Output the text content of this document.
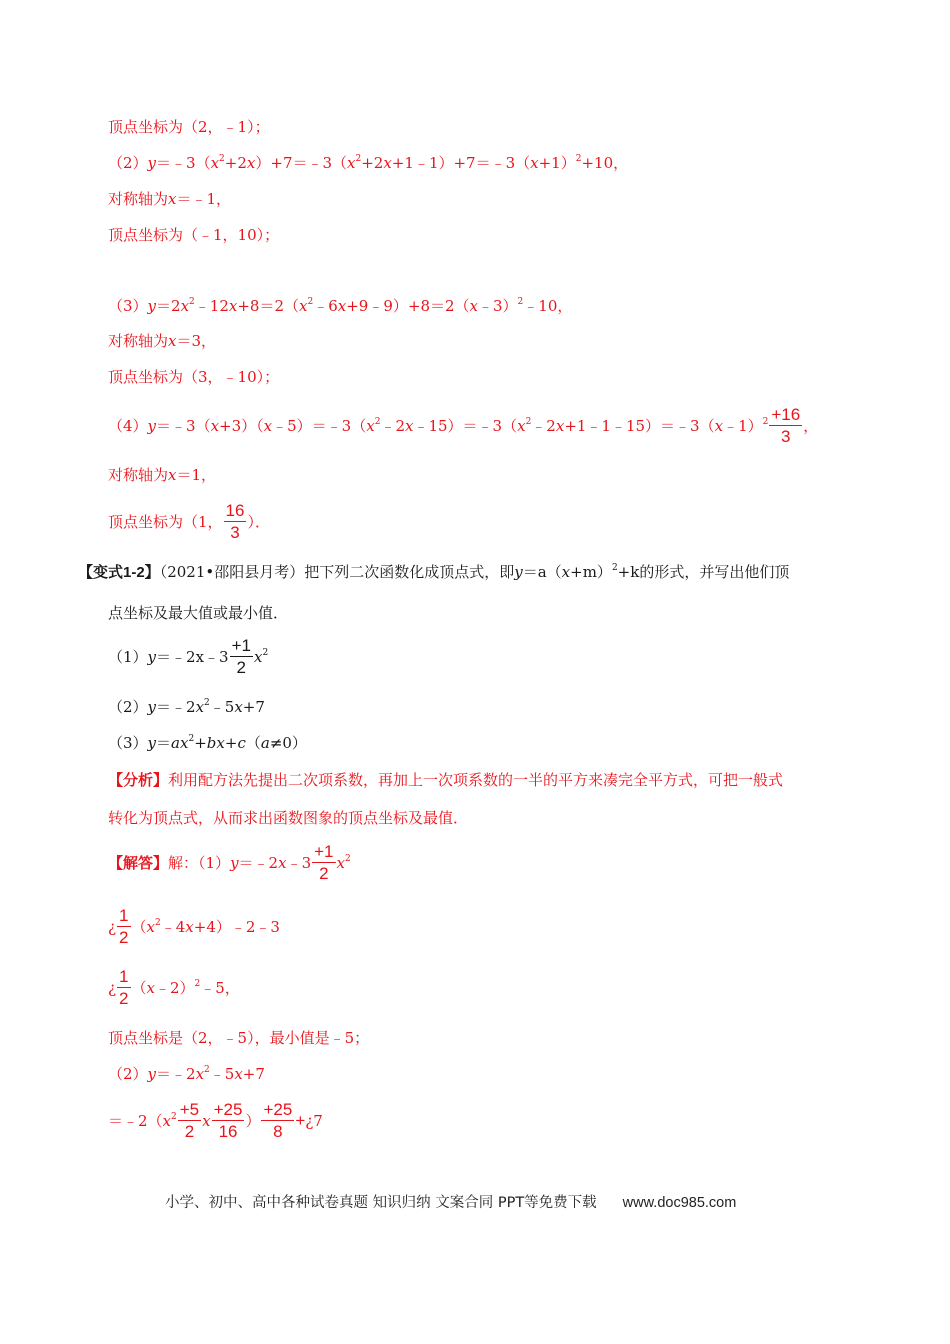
顶点坐标为（2，﹣1）；
$(2)y=﹣3(x^2+2x)+7=﹣3(x^2+2x+1﹣1)+7=﹣3(x+1)^2+10$，
对称轴为x＝﹣1，
顶点坐标为（﹣1，10）；
$(3)y=2x^2﹣12x+8=2(x^2﹣6x+9﹣9)+8=2(x﹣3)^2﹣10$，
对称轴为x＝3，
顶点坐标为（3，﹣10）；
$(4)y=﹣3(x+3)(x﹣5)=﹣3(x^2﹣2x﹣15)=﹣3(x^2﹣2x+1﹣1﹣15)=﹣3(x﹣1)^2 \frac{+16}{3}$ ，
对称轴为x＝1，
顶点坐标为（1， $\frac{16}{3}$ ）．
【变式1-2】（2021•邵阳县月考）把下列二次函数化成顶点式，即$y=a(x+m)^2+k$的形式，并写出他们顶
点坐标及最大值或最小值．
（1）y＝﹣2x﹣3 $\frac{+1}{2} x^2$
$(2)y=﹣2x^2﹣5x+7$
$(3)y=ax^2+bx+c(a\ne 0)$
【分析】利用配方法先提出二次项系数，再加上一次项系数的一半的平方来凑完全平方式，可把一般式
转化为顶点式，从而求出函数图象的顶点坐标及最值．
【解答】解：（1）y＝﹣2x﹣3 $\frac{+1}{2} x^2$
¿ $\frac{1}{2}$ $(x^2﹣4x+4)﹣2﹣3$
¿ $\frac{1}{2}$ （x﹣2）$^2$﹣5，
顶点坐标是（2，﹣5），最小值是﹣5；
$(2)y=﹣2x^2﹣5x+7$
$=﹣2(x^2 \frac{+5}{2}$ x $\frac{+25}{16}$ ） $\frac{+25}{8}$ +¿7
小学、初中、高中各种试卷真题 知识归纳 文案合同 PPT等免费下载 www.doc985.com
